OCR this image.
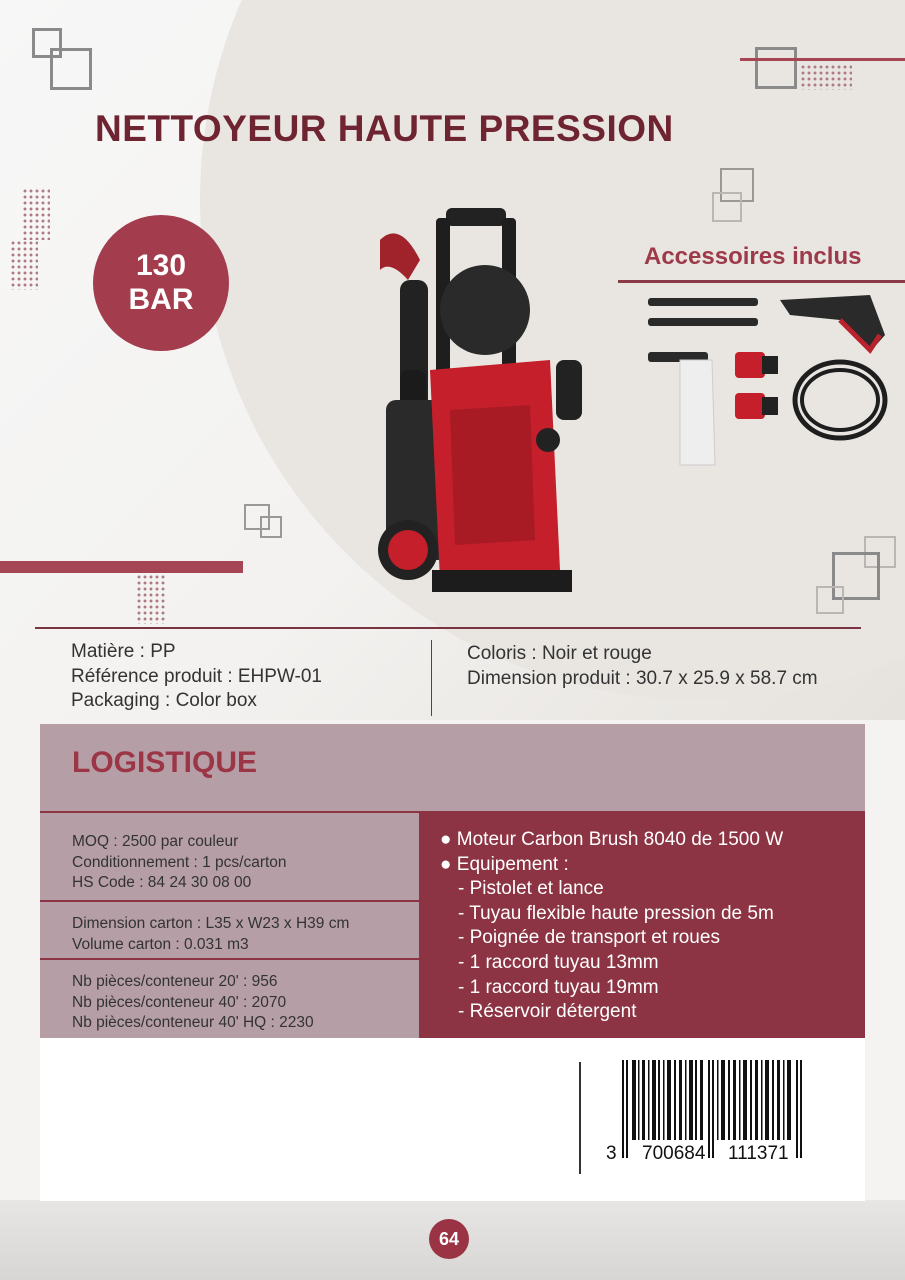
NETTOYEUR HAUTE PRESSION
130
BAR
Accessoires inclus
Matière : PP
Référence produit : EHPW-01
Packaging : Color box
Coloris : Noir et rouge
Dimension produit : 30.7 x 25.9 x 58.7 cm
LOGISTIQUE
MOQ : 2500 par couleur
Conditionnement : 1 pcs/carton
HS Code : 84 24 30 08 00
Dimension carton : L35 x W23 x H39 cm
Volume carton : 0.031 m3
Nb pièces/conteneur 20' : 956
Nb pièces/conteneur 40' : 2070
Nb pièces/conteneur 40' HQ : 2230
● Moteur Carbon Brush 8040 de 1500 W
● Equipement :
- Pistolet et lance
- Tuyau flexible haute pression de 5m
- Poignée de transport et roues
- 1 raccord tuyau 13mm
- 1 raccord tuyau 19mm
- Réservoir détergent
3 700684 111371
64
